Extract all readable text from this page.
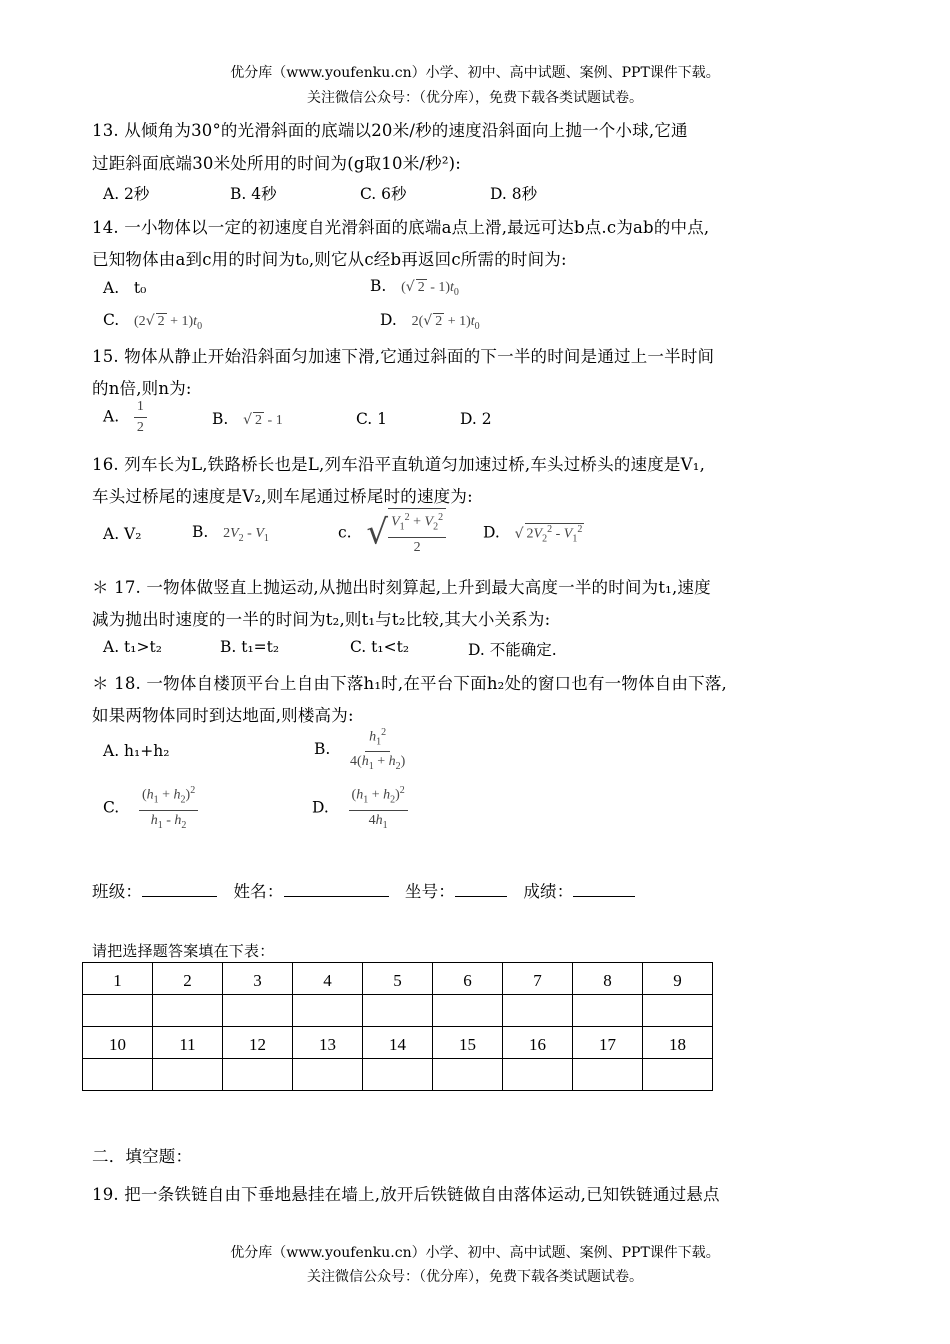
优分库（www.youfenku.cn）小学、初中、高中试题、案例、PPT课件下载。
关注微信公众号：（优分库），免费下载各类试题试卷。
13. 从倾角为30°的光滑斜面的底端以20米/秒的速度沿斜面向上抛一个小球,它通
过距斜面底端30米处所用的时间为(g取10米/秒²):
A. 2秒	B. 4秒	C. 6秒	D. 8秒
14. 一小物体以一定的初速度自光滑斜面的底端a点上滑,最远可达b点.c为ab的中点,
已知物体由a到c用的时间为t₀,则它从c经b再返回c所需的时间为:
A. t₀	B. (√ $2 - 1)t_0$
C. (2√ $2 + 1)t_0$	D. 2(√ $2 + 1)t_0$
15. 物体从静止开始沿斜面匀加速下滑,它通过斜面的下一半的时间是通过上一半时间
的n倍,则n为:
A. $\frac{1}{2}$	B. √ 2 - 1	C. 1	D. 2
16. 列车长为L,铁路桥长也是L,列车沿平直轨道匀加速过桥,车头过桥头的速度是V₁,
车头过桥尾的速度是V₂,则车尾通过桥尾时的速度为:
A. V₂	B. $2V_2 - V_1$	c. √ $\frac{V_1^2 + V_2^2}{2} D$. √ $2V_2^2 - V_1^2$
＊ 17. 一物体做竖直上抛运动,从抛出时刻算起,上升到最大高度一半的时间为t₁,速度
减为抛出时速度的一半的时间为t₂,则t₁与t₂比较,其大小关系为:
A. t₁>t₂	B. t₁=t₂	C. t₁<t₂	D. 不能确定.
＊ 18. 一物体自楼顶平台上自由下落h₁时,在平台下面h₂处的窗口也有一物体自由下落,
如果两物体同时到达地面,则楼高为:
A. h₁+h₂	B. $\frac{h_1^2}{4(h_1 + h_2)}$
C. $\frac{(h_1 + h_2)^2}{h_1 - h_2}$	D. $\frac{(h_1 + h_2)^2}{4h_1}$
班级：	姓名：	坐号：	成绩：
请把选择题答案填在下表：
1	2	3	4	5	6	7	8	9

10	11	12	13	14	15	16	17	18

二．填空题：
19. 把一条铁链自由下垂地悬挂在墙上,放开后铁链做自由落体运动,已知铁链通过悬点
优分库（www.youfenku.cn）小学、初中、高中试题、案例、PPT课件下载。
关注微信公众号：（优分库），免费下载各类试题试卷。
